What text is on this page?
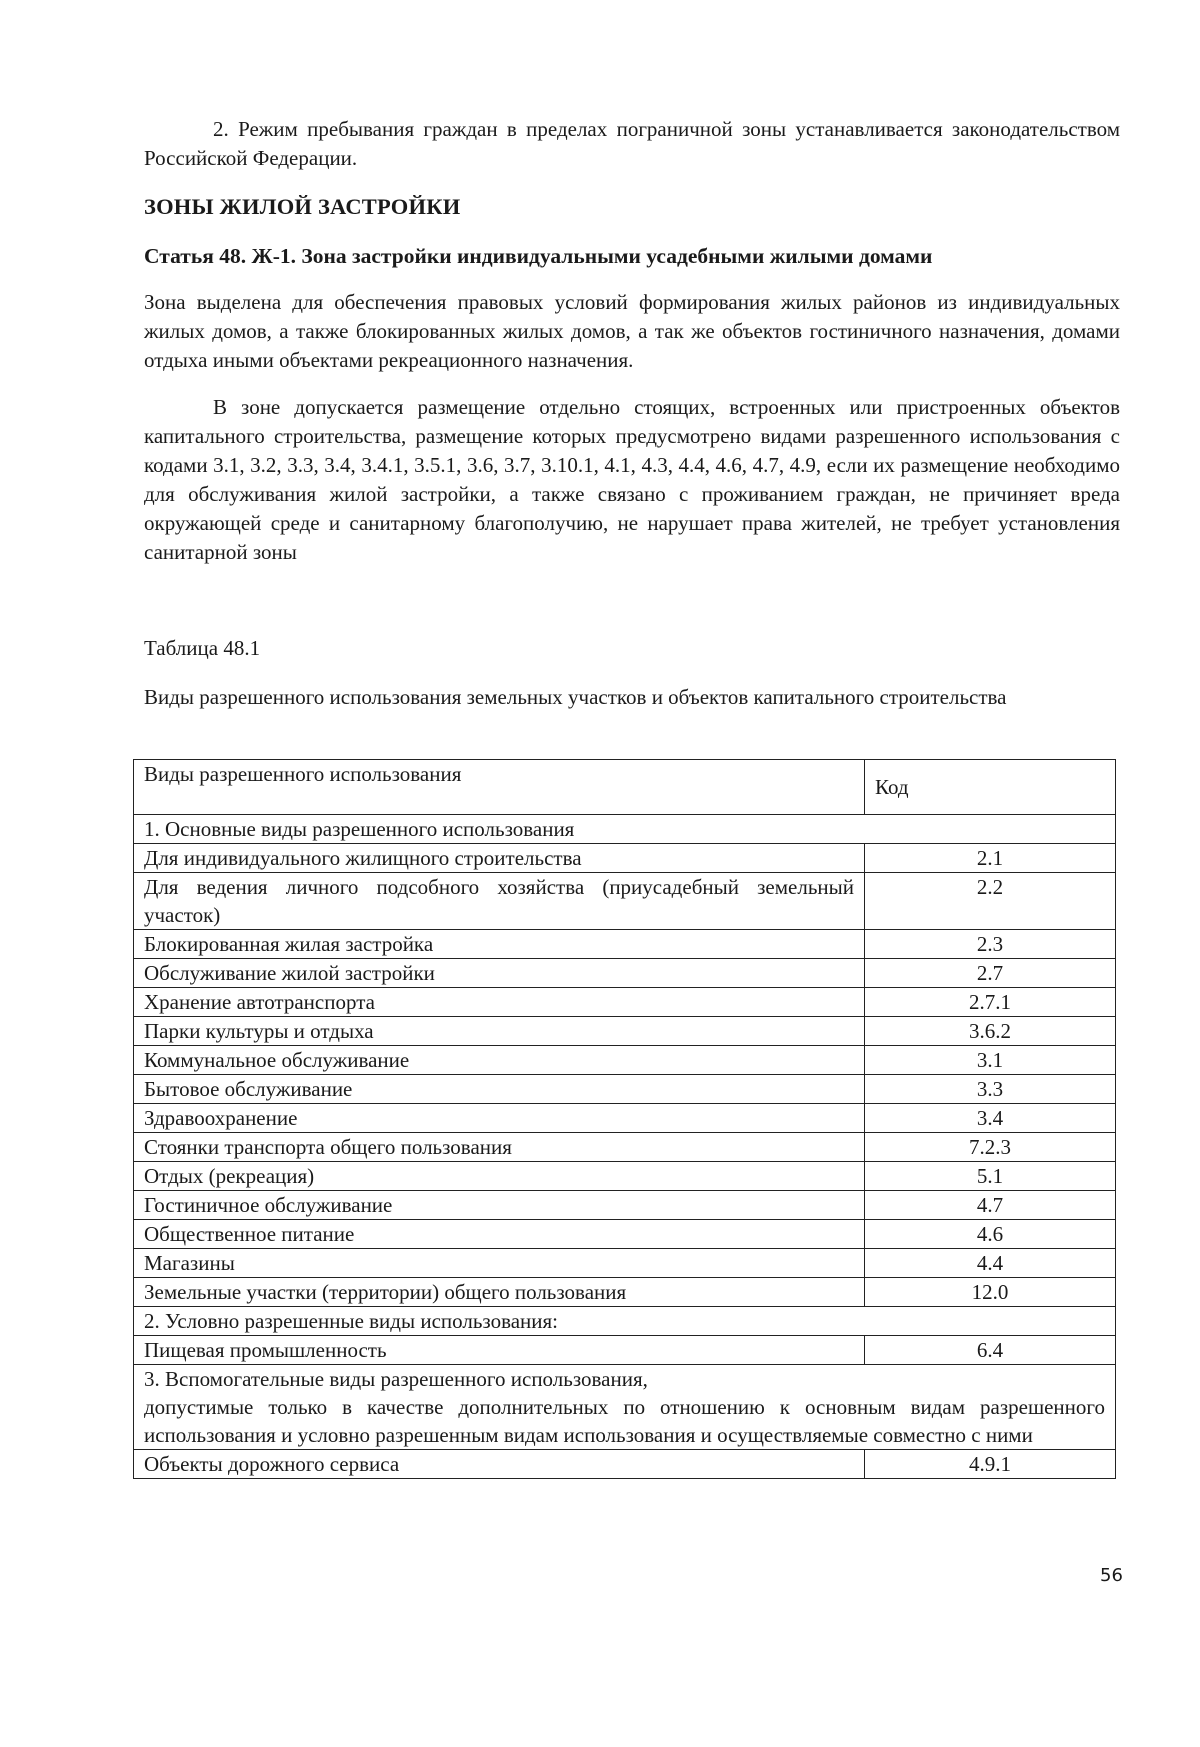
2. Режим пребывания граждан в пределах пограничной зоны устанавливается законодательством Российской Федерации.

ЗОНЫ ЖИЛОЙ ЗАСТРОЙКИ
Статья 48. Ж-1. Зона застройки индивидуальными усадебными жилыми домами

Зона выделена для обеспечения правовых условий формирования жилых районов из индивидуальных жилых домов, а также блокированных жилых домов, а так же объектов гостиничного назначения, домами отдыха иными объектами рекреационного назначения.

В зоне допускается размещение отдельно стоящих, встроенных или пристроенных объектов капитального строительства, размещение которых предусмотрено видами разрешенного использования с кодами 3.1, 3.2, 3.3, 3.4, 3.4.1, 3.5.1, 3.6, 3.7, 3.10.1, 4.1, 4.3, 4.4, 4.6, 4.7, 4.9, если их размещение необходимо для обслуживания жилой застройки, а также связано с проживанием граждан, не причиняет вреда окружающей среде и санитарному благополучию, не нарушает права жителей, не требует установления санитарной зоны

Таблица 48.1

Виды разрешенного использования земельных участков и объектов капитального строительства

Виды разрешенного использования	Код
1. Основные виды разрешенного использования	
Для индивидуального жилищного строительства	2.1
Для ведения личного подсобного хозяйства (приусадебный земельный участок)	2.2
Блокированная жилая застройка	2.3
Обслуживание жилой застройки	2.7
Хранение автотранспорта	2.7.1
Парки культуры и отдыха	3.6.2
Коммунальное обслуживание	3.1
Бытовое обслуживание	3.3
Здравоохранение	3.4
Стоянки транспорта общего пользования	7.2.3
Отдых (рекреация)	5.1
Гостиничное обслуживание	4.7
Общественное питание	4.6
Магазины	4.4
Земельные участки (территории) общего пользования	12.0
2. Условно разрешенные виды использования:	
Пищевая промышленность	6.4

3. Вспомогательные виды разрешенного использования,
допустимые только в качестве дополнительных по отношению к основным видам разрешенного использования и условно разрешенным видам использования и осуществляемые совместно с ними	

Объекты дорожного сервиса	4.9.1
56
